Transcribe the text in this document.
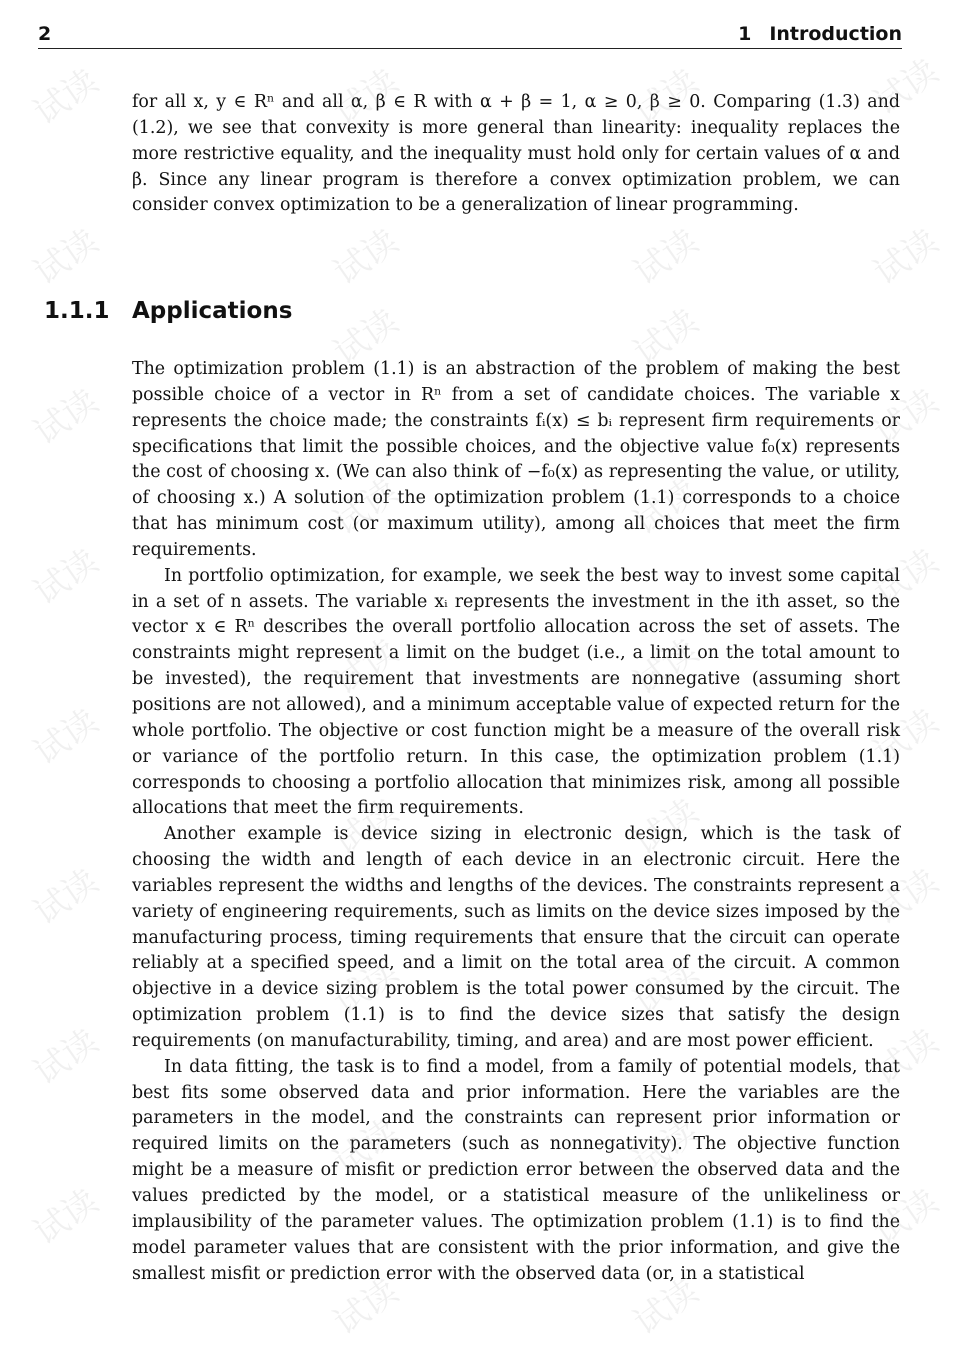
2	1 Introduction

for all x, y ∈ Rⁿ and all α, β ∈ R with α + β = 1, α ≥ 0, β ≥ 0. Comparing (1.3) and (1.2), we see that convexity is more general than linearity: inequality replaces the more restrictive equality, and the inequality must hold only for certain values of α and β. Since any linear program is therefore a convex optimization problem, we can consider convex optimization to be a generalization of linear programming.

1.1.1 Applications

The optimization problem (1.1) is an abstraction of the problem of making the best possible choice of a vector in Rⁿ from a set of candidate choices. The variable x represents the choice made; the constraints fᵢ(x) ≤ bᵢ represent firm requirements or specifications that limit the possible choices, and the objective value f₀(x) represents the cost of choosing x. (We can also think of −f₀(x) as representing the value, or utility, of choosing x.) A solution of the optimization problem (1.1) corresponds to a choice that has minimum cost (or maximum utility), among all choices that meet the firm requirements.

In portfolio optimization, for example, we seek the best way to invest some capital in a set of n assets. The variable xᵢ represents the investment in the ith asset, so the vector x ∈ Rⁿ describes the overall portfolio allocation across the set of assets. The constraints might represent a limit on the budget (i.e., a limit on the total amount to be invested), the requirement that investments are nonnegative (assuming short positions are not allowed), and a minimum acceptable value of expected return for the whole portfolio. The objective or cost function might be a measure of the overall risk or variance of the portfolio return. In this case, the optimization problem (1.1) corresponds to choosing a portfolio allocation that minimizes risk, among all possible allocations that meet the firm requirements.

Another example is device sizing in electronic design, which is the task of choosing the width and length of each device in an electronic circuit. Here the variables represent the widths and lengths of the devices. The constraints represent a variety of engineering requirements, such as limits on the device sizes imposed by the manufacturing process, timing requirements that ensure that the circuit can operate reliably at a specified speed, and a limit on the total area of the circuit. A common objective in a device sizing problem is the total power consumed by the circuit. The optimization problem (1.1) is to find the device sizes that satisfy the design requirements (on manufacturability, timing, and area) and are most power efficient.

In data fitting, the task is to find a model, from a family of potential models, that best fits some observed data and prior information. Here the variables are the parameters in the model, and the constraints can represent prior information or required limits on the parameters (such as nonnegativity). The objective function might be a measure of misfit or prediction error between the observed data and the values predicted by the model, or a statistical measure of the unlikeliness or implausibility of the parameter values. The optimization problem (1.1) is to find the model parameter values that are consistent with the prior information, and give the smallest misfit or prediction error with the observed data (or, in a statistical

试读	试读	试读	试读
试读	试读	试读	试读
试读
试读	试读
试读
试读
试读	试读
试读
试读
试读	试读
试读
试读
试读	试读
试读
试读
试读	试读
试读
试读
试读	试读
试读
试读	试读
